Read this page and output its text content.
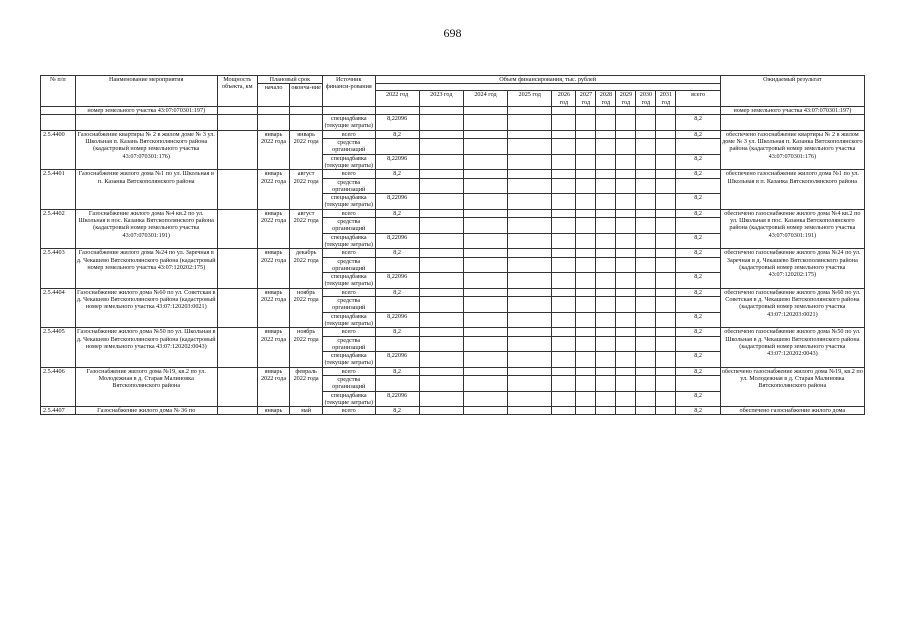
698
№ п/п	Наименование мероприятия	Мощность объекта, км	Плановый срок		Источник финанси-рования	Объем финансирования, тыс. рублей											Ожидаемый результат
			начало	оконча-ние													
						2022 год	2023 год	2024 год	2025 год	2026 год	2027 год	2028 год	2029 год	2030 год	2031 год	всего	
	номер земельного участка 43:07:070301:197)																номер земельного участка 43:07:070301:197)
					спецнадбавка (текущие затраты)	8,22096										8,2	
2.5.4400	Газоснабжение квартиры № 2 в жилом доме № 3 ул. Школьная п. Казань Вятскополянского района (кадастровый номер земельного участка 43:07:070301:176)		январь 2022 года	январь 2022 года	всего	8,2										8,2	обеспечено газоснабжение квартиры № 2 в жилом доме № 3 ул. Школьная п. Казанка Вятскополянского района (кадастровый номер земельного участка 43:07:070301:176)
					средства организаций												
					спецнадбавка (текущие затраты)	8,22096										8,2	
2.5.4401	Газоснабжение жилого дома №1 по ул. Школьная в п. Казанка Вятскополянского района		январь 2022 года	август 2022 года	всего	8,2										8,2	обеспечено газоснабжение жилого дома №1 по ул. Школьная в п. Казанка Вятскополянского района
					средства организаций												
					спецнадбавка (текущие затраты)	8,22096										8,2	
2.5.4402	Газоснабжение жилого дома №4 кв.2 по ул. Школьная в пос. Казанка Вятскополянского района (кадастровый номер земельного участка 43:07:070301:191)		январь 2022 года	август 2022 года	всего	8,2										8,2	обеспечено газоснабжение жилого дома №4 кв.2 по ул. Школьная в пос. Казанка Вятскополянского района (кадастровый номер земельного участка 43:07:070301:191)
					средства организаций												
					спецнадбавка (текущие затраты)	8,22096										8,2	
2.5.4403	Газоснабжение жилого дома №24 по ул. Заречная в д. Чекашево Вятскополянского района (кадастровый номер земельного участка 43:07:120202:175)		январь 2022 года	декабрь 2022 года	всего	8,2										8,2	обеспечено газоснабжение жилого дома №24 по ул. Заречная в д. Чекашево Вятскополянского района (кадастровый номер земельного участка 43:07:120202:175)
					средства организаций												
					спецнадбавка (текущие затраты)	8,22096										8,2	
2.5.4404	Газоснабжение жилого дома №60 по ул. Советская в д. Чекашево Вятскополянского района (кадастровый номер земельного участка 43:07:120203:0021)		январь 2022 года	ноябрь 2022 года	всего	8,2										8,2	обеспечено газоснабжение жилого дома №60 по ул. Советская в д. Чекашево Вятскополянского района (кадастровый номер земельного участка 43:07:120203:0021)
					средства организаций												
					спецнадбавка (текущие затраты)	8,22096										8,2	
2.5.4405	Газоснабжение жилого дома №50 по ул. Школьная в д. Чекашево Вятскополянского района (кадастровый номер земельного участка 43:07:120202:0043)		январь 2022 года	ноябрь 2022 года	всего	8,2										8,2	обеспечено газоснабжение жилого дома №50 по ул. Школьная в д. Чекашево Вятскополянского района (кадастровый номер земельного участка 43:07:120202:0043)
					средства организаций												
					спецнадбавка (текущие затраты)	8,22096										8,2	
2.5.4406	Газоснабжение жилого дома №19, кв.2 по ул. Молодежная в д. Старая Малиновка Вятскополянского района		январь 2022 года	февраль 2022 года	всего	8,2										8,2	обеспечено газоснабжение жилого дома №19, кв.2 по ул. Молодежная в д. Старая Малиновка Вятскополянского района
					средства организаций												
					спецнадбавка (текущие затраты)	8,22096										8,2	
2.5.4407	Газоснабжение жилого дома № 36 по		январь	май	всего	8,2										8,2	обеспечено газоснабжение жилого дома
